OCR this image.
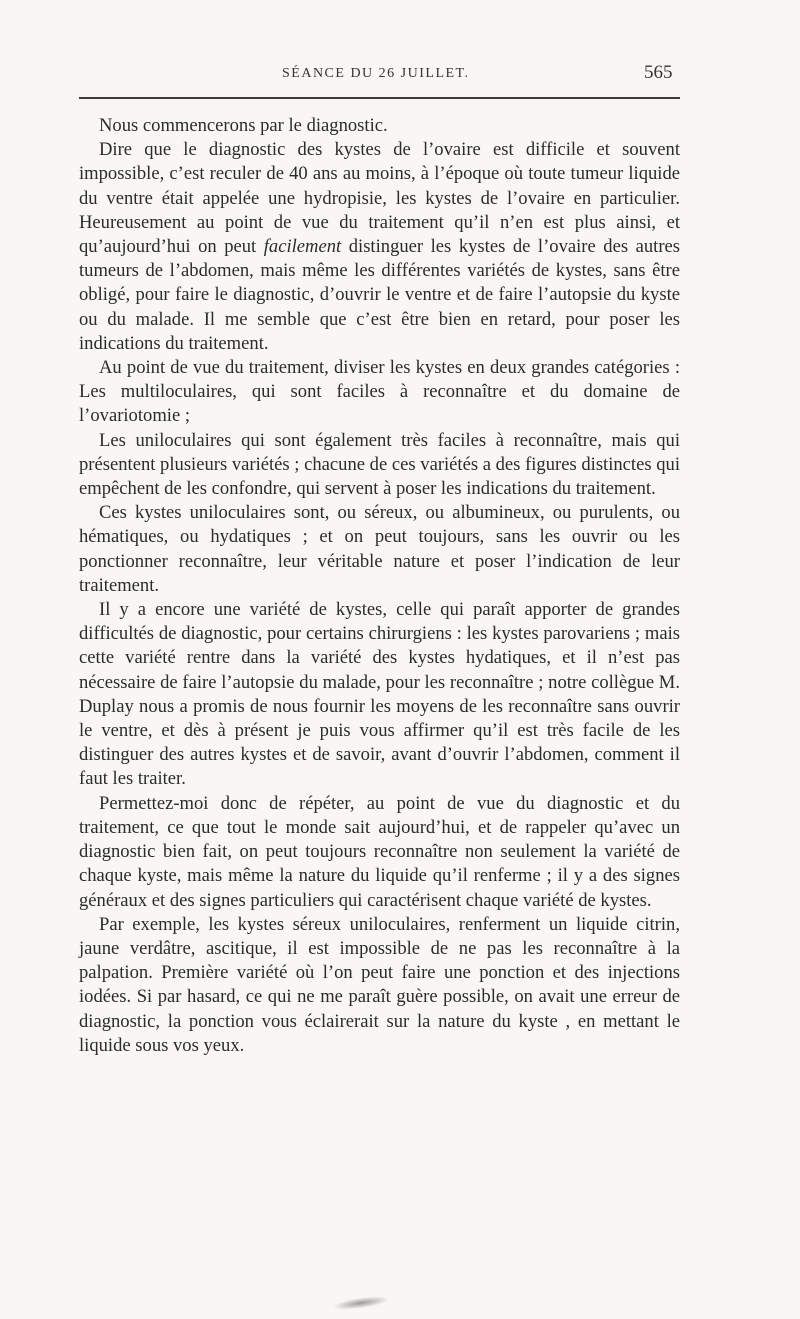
SÉANCE DU 26 JUILLET.	565

Nous commencerons par le diagnostic.

Dire que le diagnostic des kystes de l’ovaire est difficile et souvent impossible, c’est reculer de 40 ans au moins, à l’époque où toute tumeur liquide du ventre était appelée une hydropisie, les kystes de l’ovaire en particulier. Heureusement au point de vue du traitement qu’il n’en est plus ainsi, et qu’aujourd’hui on peut facilement distinguer les kystes de l’ovaire des autres tumeurs de l’abdomen, mais même les différentes variétés de kystes, sans être obligé, pour faire le diagnostic, d’ouvrir le ventre et de faire l’autopsie du kyste ou du malade. Il me semble que c’est être bien en retard, pour poser les indications du traitement.

Au point de vue du traitement, diviser les kystes en deux grandes catégories : Les multiloculaires, qui sont faciles à reconnaître et du domaine de l’ovariotomie ;

Les uniloculaires qui sont également très faciles à reconnaître, mais qui présentent plusieurs variétés ; chacune de ces variétés a des figures distinctes qui empêchent de les confondre, qui servent à poser les indications du traitement.

Ces kystes uniloculaires sont, ou séreux, ou albumineux, ou purulents, ou hématiques, ou hydatiques ; et on peut toujours, sans les ouvrir ou les ponctionner reconnaître, leur véritable nature et poser l’indication de leur traitement.

Il y a encore une variété de kystes, celle qui paraît apporter de grandes difficultés de diagnostic, pour certains chirurgiens : les kystes parovariens ; mais cette variété rentre dans la variété des kystes hydatiques, et il n’est pas nécessaire de faire l’autopsie du malade, pour les reconnaître ; notre collègue M. Duplay nous a promis de nous fournir les moyens de les reconnaître sans ouvrir le ventre, et dès à présent je puis vous affirmer qu’il est très facile de les distinguer des autres kystes et de savoir, avant d’ouvrir l’abdomen, comment il faut les traiter.

Permettez-moi donc de répéter, au point de vue du diagnostic et du traitement, ce que tout le monde sait aujourd’hui, et de rappeler qu’avec un diagnostic bien fait, on peut toujours reconnaître non seulement la variété de chaque kyste, mais même la nature du liquide qu’il renferme ; il y a des signes généraux et des signes particuliers qui caractérisent chaque variété de kystes.

Par exemple, les kystes séreux uniloculaires, renferment un liquide citrin, jaune verdâtre, ascitique, il est impossible de ne pas les reconnaître à la palpation. Première variété où l’on peut faire une ponction et des injections iodées. Si par hasard, ce qui ne me paraît guère possible, on avait une erreur de diagnostic, la ponction vous éclairerait sur la nature du kyste , en mettant le liquide sous vos yeux.
